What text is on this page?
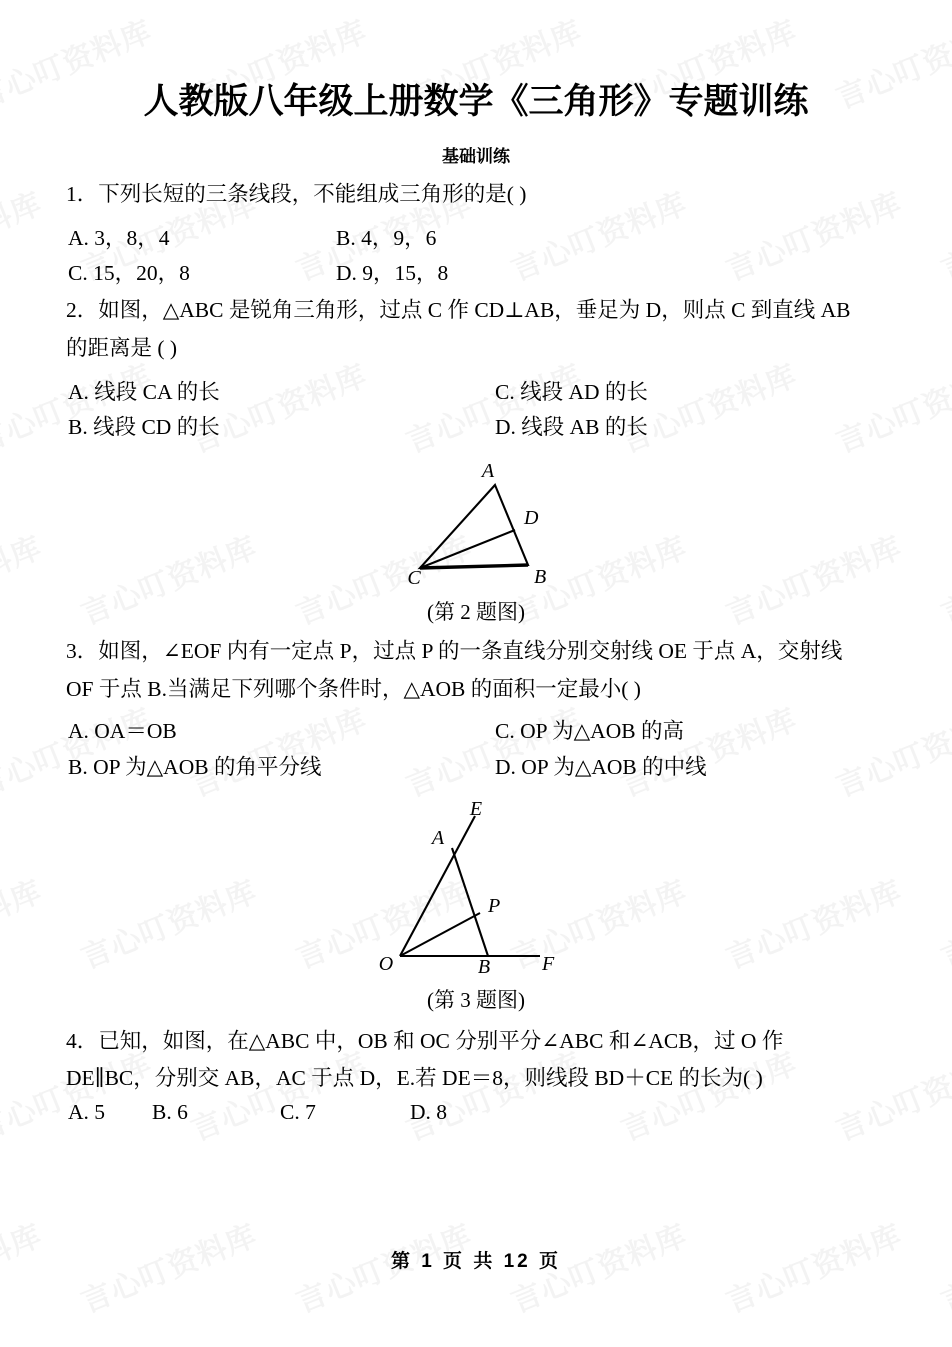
人教版八年级上册数学《三角形》专题训练
基础训练
1．下列长短的三条线段，不能组成三角形的是( )
A. 3，8，4	B. 4，9，6
C. 15，20，8	D. 9，15，8
2．如图，△ABC 是锐角三角形，过点 C 作 CD⊥AB，垂足为 D，则点 C 到直线 AB
的距离是 ( )
A. 线段 CA 的长
B. 线段 CD 的长
C. 线段 AD 的长
D. 线段 AB 的长
A
D
C	B
(第 2 题图)
3．如图，∠EOF 内有一定点 P，过点 P 的一条直线分别交射线 OE 于点 A，交射线
OF 于点 B.当满足下列哪个条件时，△AOB 的面积一定最小( )
A. OA＝OB
B. OP 为△AOB 的角平分线
C. OP 为△AOB 的高
D. OP 为△AOB 的中线
E
A
P
O	B	F
(第 3 题图)
4．已知，如图，在△ABC 中，OB 和 OC 分别平分∠ABC 和∠ACB，过 O 作
DE∥BC，分别交 AB，AC 于点 D，E.若 DE＝8，则线段 BD＋CE 的长为( )
A. 5 B. 6	C. 7	D. 8
第 1 页 共 12 页
